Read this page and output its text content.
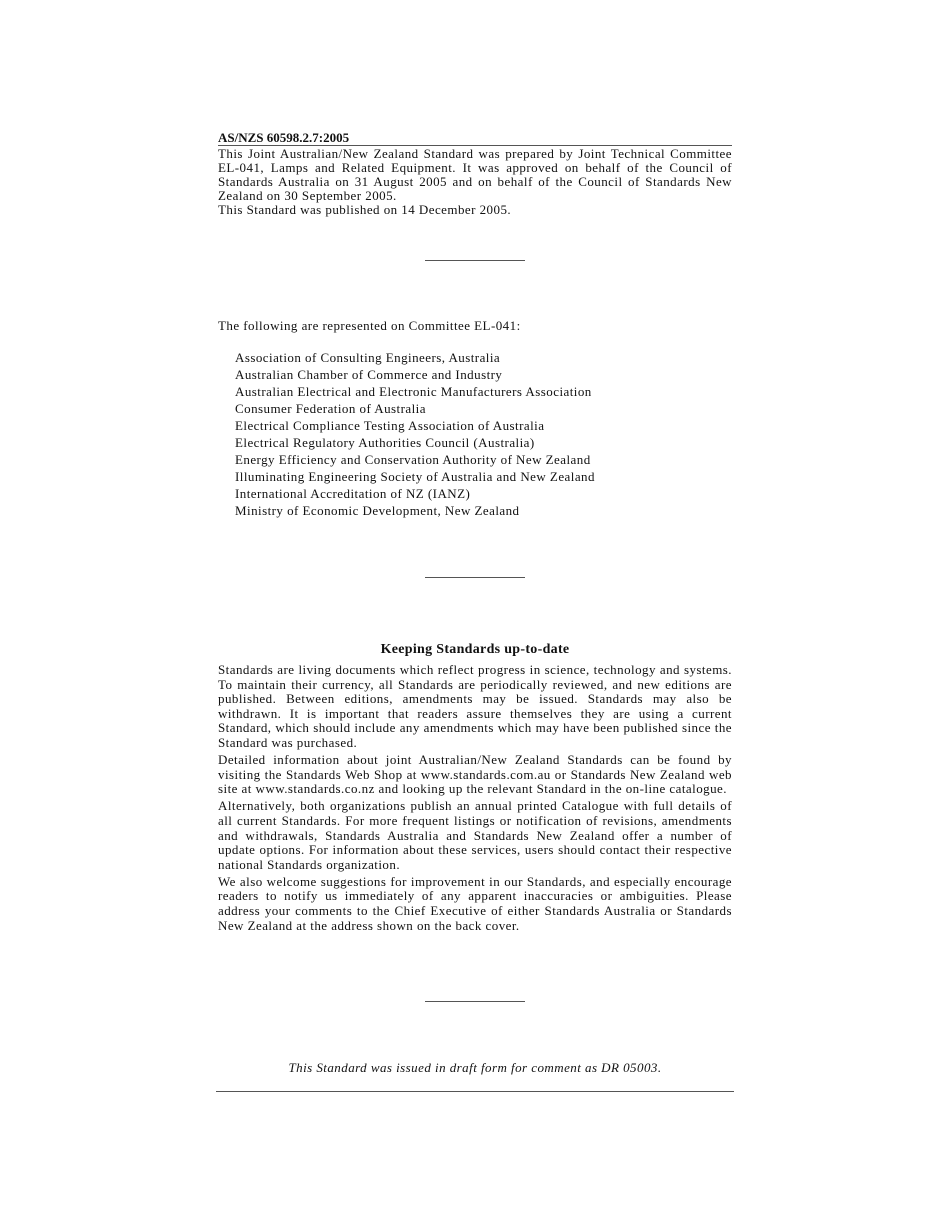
AS/NZS 60598.2.7:2005

This Joint Australian/New Zealand Standard was prepared by Joint Technical Committee EL-041, Lamps and Related Equipment. It was approved on behalf of the Council of Standards Australia on 31 August 2005 and on behalf of the Council of Standards New Zealand on 30 September 2005.

This Standard was published on 14 December 2005.

The following are represented on Committee EL-041:
Association of Consulting Engineers, Australia
Australian Chamber of Commerce and Industry
Australian Electrical and Electronic Manufacturers Association
Consumer Federation of Australia
Electrical Compliance Testing Association of Australia
Electrical Regulatory Authorities Council (Australia)
Energy Efficiency and Conservation Authority of New Zealand
Illuminating Engineering Society of Australia and New Zealand
International Accreditation of NZ (IANZ)
Ministry of Economic Development, New Zealand
Keeping Standards up-to-date

Standards are living documents which reflect progress in science, technology and systems. To maintain their currency, all Standards are periodically reviewed, and new editions are published. Between editions, amendments may be issued. Standards may also be withdrawn. It is important that readers assure themselves they are using a current Standard, which should include any amendments which may have been published since the Standard was purchased.

Detailed information about joint Australian/New Zealand Standards can be found by visiting the Standards Web Shop at www.standards.com.au or Standards New Zealand web site at www.standards.co.nz and looking up the relevant Standard in the on-line catalogue.

Alternatively, both organizations publish an annual printed Catalogue with full details of all current Standards. For more frequent listings or notification of revisions, amendments and withdrawals, Standards Australia and Standards New Zealand offer a number of update options. For information about these services, users should contact their respective national Standards organization.

We also welcome suggestions for improvement in our Standards, and especially encourage readers to notify us immediately of any apparent inaccuracies or ambiguities. Please address your comments to the Chief Executive of either Standards Australia or Standards New Zealand at the address shown on the back cover.

This Standard was issued in draft form for comment as DR 05003.
